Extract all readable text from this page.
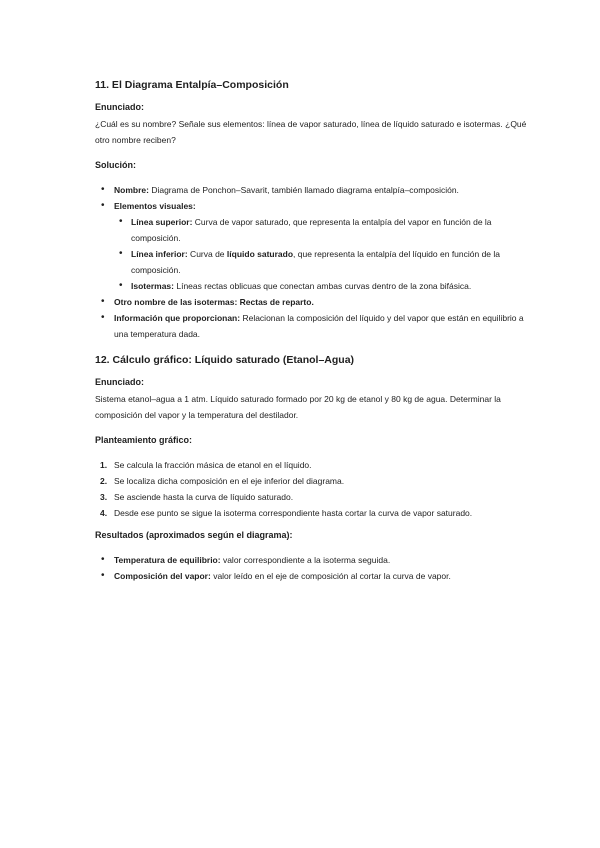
11. El Diagrama Entalpía–Composición
Enunciado:

¿Cuál es su nombre? Señale sus elementos: línea de vapor saturado, línea de líquido saturado e isotermas. ¿Qué otro nombre reciben?

Solución:
• Nombre: Diagrama de Ponchon–Savarit, también llamado diagrama entalpía–composición.
• Elementos visuales:
• Línea superior: Curva de vapor saturado, que representa la entalpía del vapor en función de la composición.
• Línea inferior: Curva de líquido saturado, que representa la entalpía del líquido en función de la composición.
• Isotermas: Líneas rectas oblicuas que conectan ambas curvas dentro de la zona bifásica.
• Otro nombre de las isotermas: Rectas de reparto.
• Información que proporcionan: Relacionan la composición del líquido y del vapor que están en equilibrio a una temperatura dada.
12. Cálculo gráfico: Líquido saturado (Etanol–Agua)
Enunciado:

Sistema etanol–agua a 1 atm. Líquido saturado formado por 20 kg de etanol y 80 kg de agua. Determinar la composición del vapor y la temperatura del destilador.

Planteamiento gráfico:
1. Se calcula la fracción másica de etanol en el líquido.
2. Se localiza dicha composición en el eje inferior del diagrama.
3. Se asciende hasta la curva de líquido saturado.
4. Desde ese punto se sigue la isoterma correspondiente hasta cortar la curva de vapor saturado.
Resultados (aproximados según el diagrama):
• Temperatura de equilibrio: valor correspondiente a la isoterma seguida.
• Composición del vapor: valor leído en el eje de composición al cortar la curva de vapor.
